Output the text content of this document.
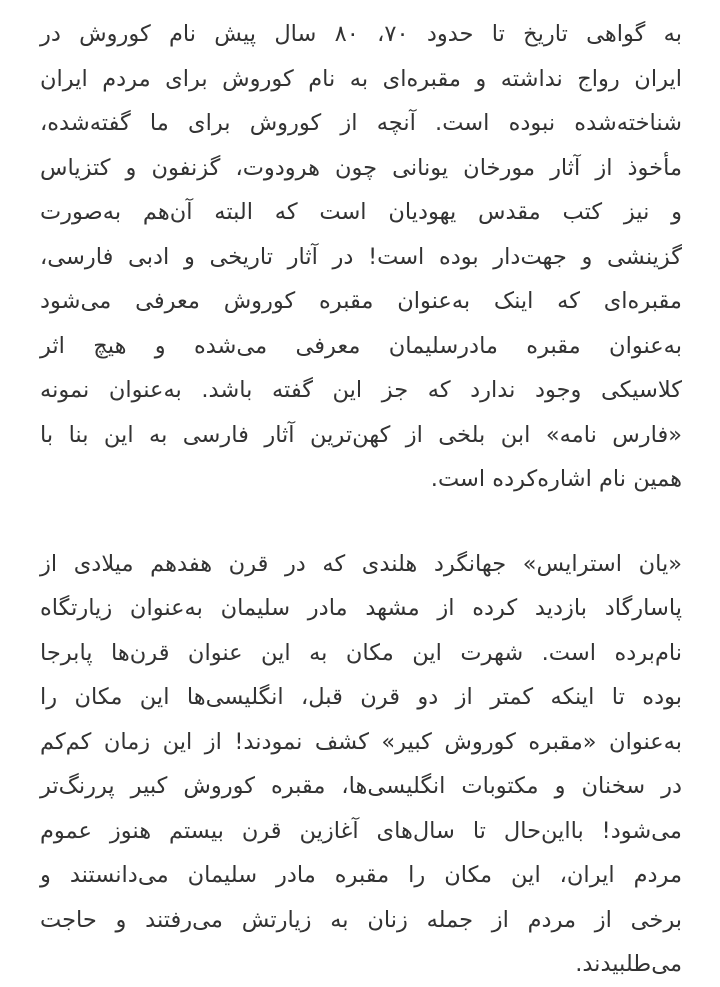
به گواهی تاریخ تا حدود ۷۰، ۸۰ سال پیش نام کوروش در
ایران رواج نداشته و مقبره‌ای به نام کوروش برای مردم ایران
شناخته‌شده نبوده است. آنچه از کوروش برای ما گفته‌شده،
مأخوذ از آثار مورخان یونانی چون هرودوت، گزنفون و کتزیاس
و نیز کتب مقدس یهودیان است که البته آن‌هم به‌صورت
گزینشی و جهت‌دار بوده است! در آثار تاریخی و ادبی فارسی،
مقبره‌ای که اینک به‌عنوان مقبره کوروش معرفی می‌شود
به‌عنوان مقبره مادرسلیمان معرفی می‌شده و هیچ اثر
کلاسیکی وجود ندارد که جز این گفته باشد. به‌عنوان نمونه
«فارس نامه» ابن بلخی از کهن‌ترین آثار فارسی به این بنا با
همین نام اشاره‌کرده است.
«یان استرایس» جهانگرد هلندی که در قرن هفدهم میلادی از
پاسارگاد بازدید کرده از مشهد مادر سلیمان به‌عنوان زیارتگاه
نام‌برده است. شهرت این مکان به این عنوان قرن‌ها پابرجا
بوده تا اینکه کمتر از دو قرن قبل، انگلیسی‌ها این مکان را
به‌عنوان «مقبره کوروش کبیر» کشف نمودند! از این زمان کم‌کم
در سخنان و مکتوبات انگلیسی‌ها، مقبره کوروش کبیر پررنگ‌تر
می‌شود! بااین‌حال تا سال‌های آغازین قرن بیستم هنوز عموم
مردم ایران، این مکان را مقبره مادر سلیمان می‌دانستند و
برخی از مردم از جمله زنان به زیارتش می‌رفتند و حاجت
می‌طلبیدند.
